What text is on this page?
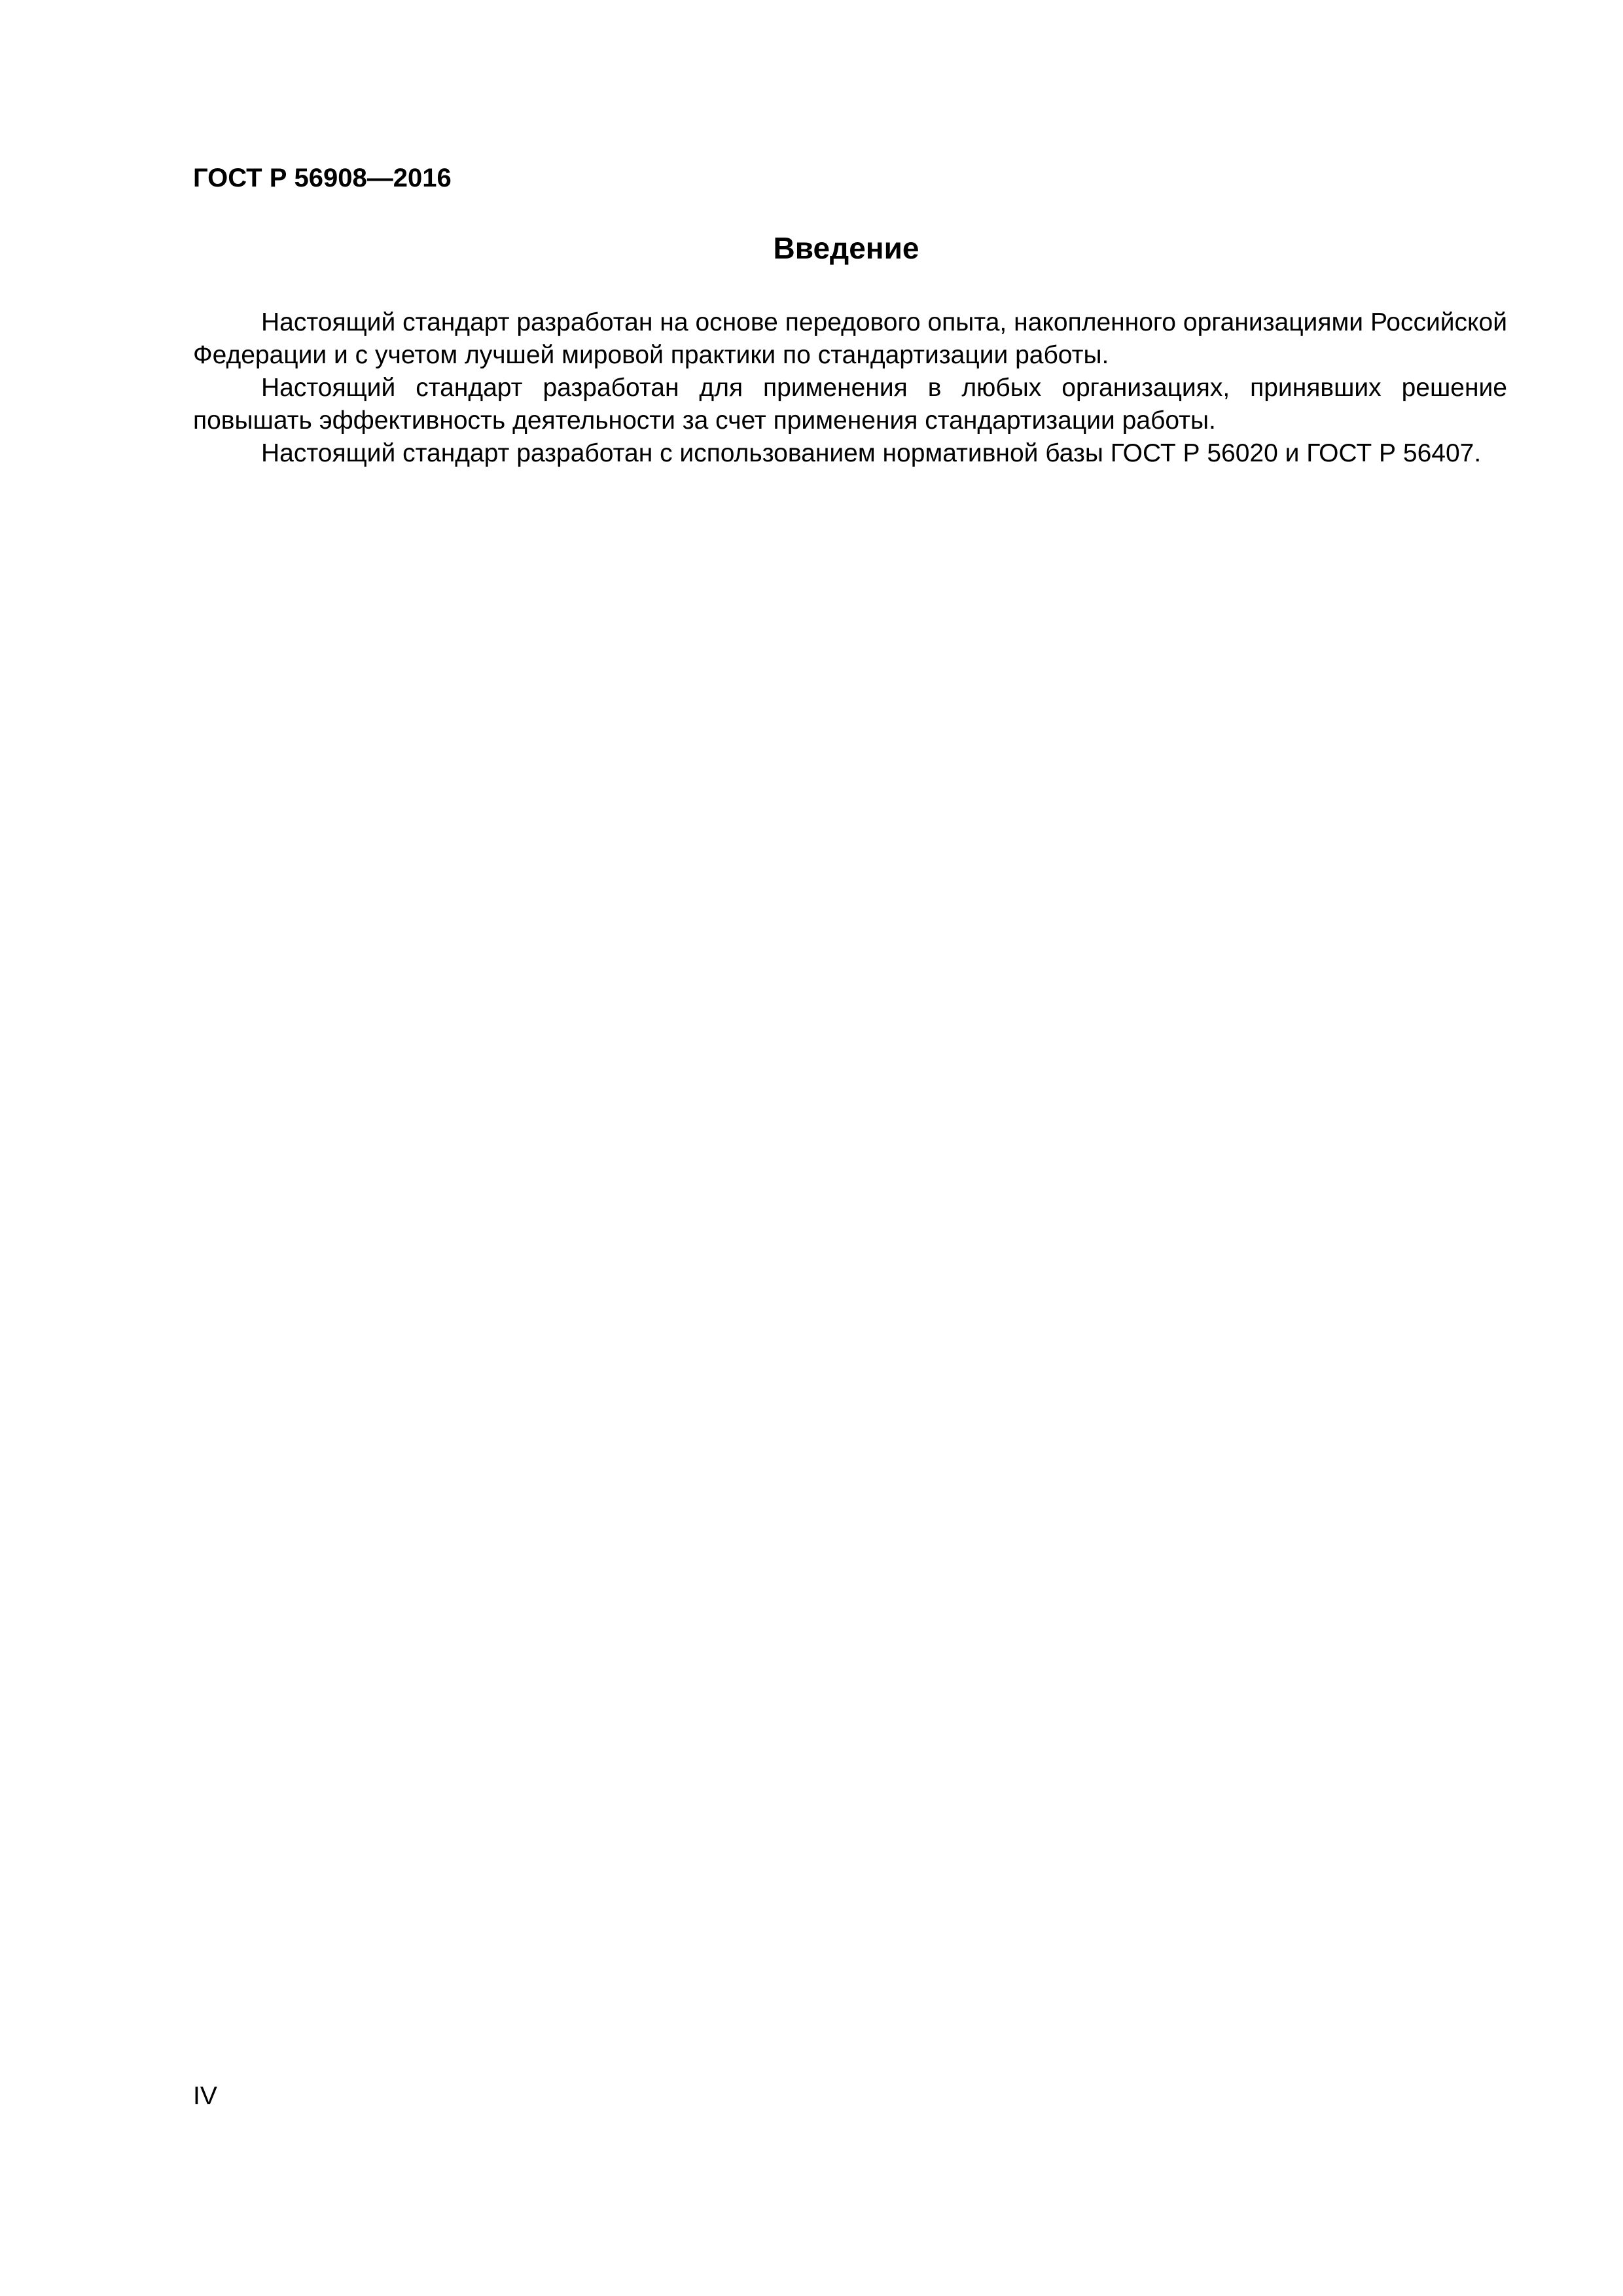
ГОСТ Р 56908—2016
Введение

Настоящий стандарт разработан на основе передового опыта, накопленного организациями Российской Федерации и с учетом лучшей мировой практики по стандартизации работы.

Настоящий стандарт разработан для применения в любых организациях, принявших решение повышать эффективность деятельности за счет применения стандартизации работы.

Настоящий стандарт разработан с использованием нормативной базы ГОСТ Р 56020 и ГОСТ Р 56407.

IV
